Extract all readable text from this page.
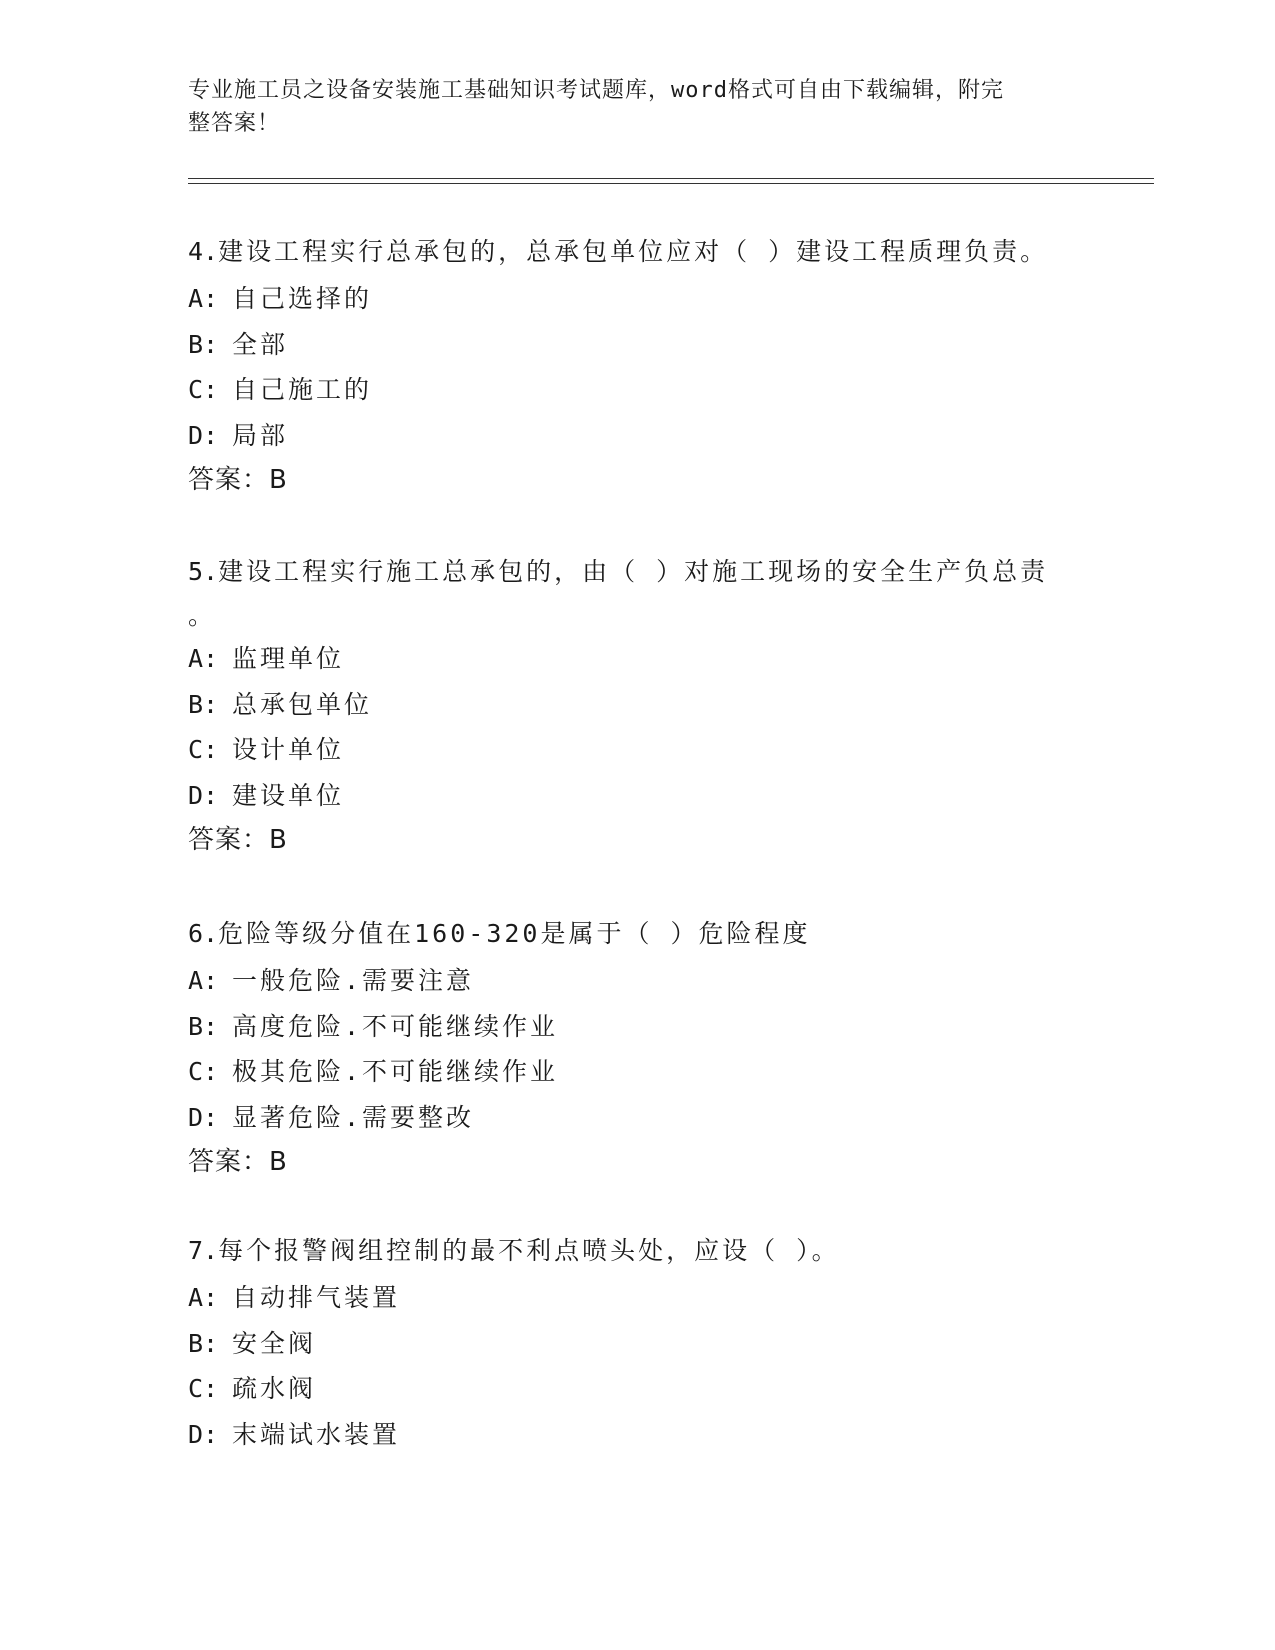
专业施工员之设备安装施工基础知识考试题库，word格式可自由下载编辑，附完
整答案！
4.建设工程实行总承包的，总承包单位应对（ ）建设工程质理负责。
A: 自己选择的
B: 全部
C: 自己施工的
D: 局部
答案：B
5.建设工程实行施工总承包的，由（ ）对施工现场的安全生产负总责
。
A: 监理单位
B: 总承包单位
C: 设计单位
D: 建设单位
答案：B
6.危险等级分值在160-320是属于（ ）危险程度
A: 一般危险.需要注意
B: 高度危险.不可能继续作业
C: 极其危险.不可能继续作业
D: 显著危险.需要整改
答案：B
7.每个报警阀组控制的最不利点喷头处，应设（ ）。
A: 自动排气装置
B: 安全阀
C: 疏水阀
D: 末端试水装置
